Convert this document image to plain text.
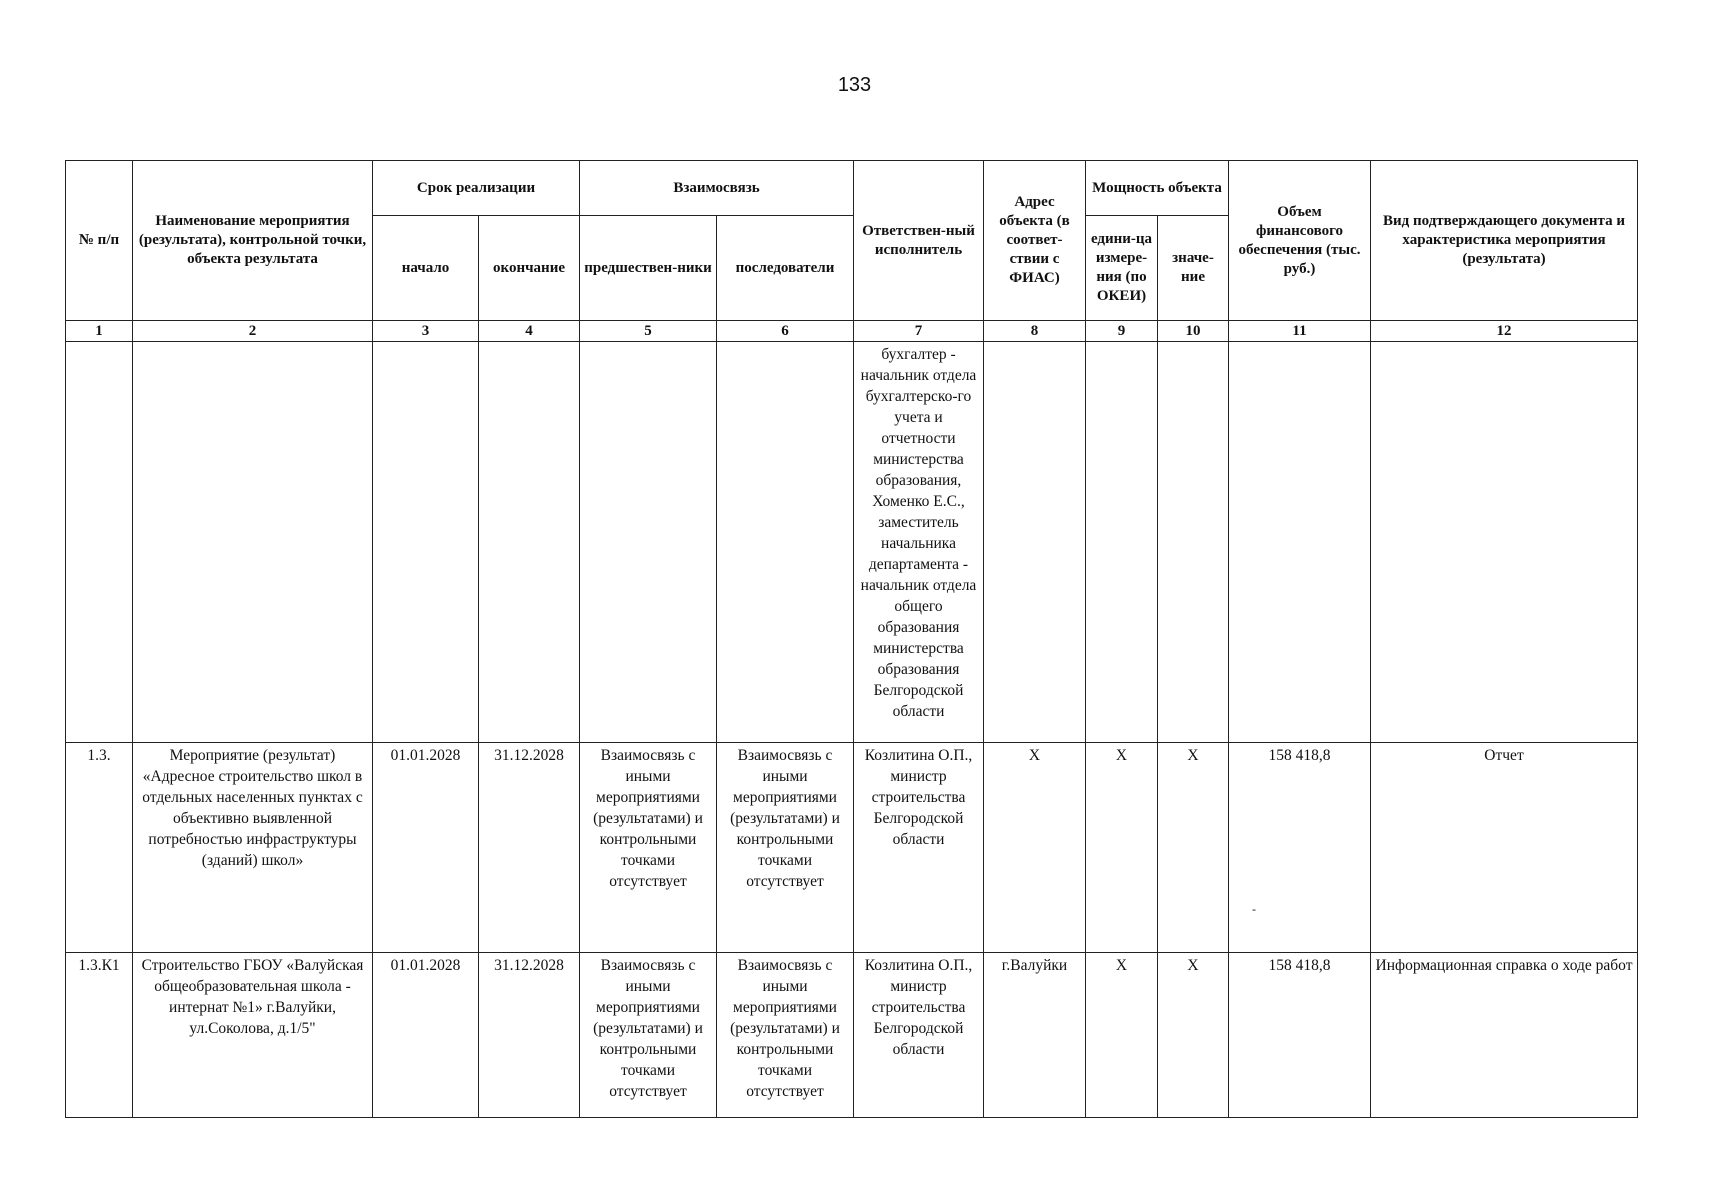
133
№ п/п	Наименование мероприятия (результата), контрольной точки, объекта результата	Срок реализации		Взаимосвязь		Ответствен-ный исполнитель	Адрес объекта (в соответ-ствии с ФИАС)	Мощность объекта		Объем финансового обеспечения (тыс. руб.)	Вид подтверждающего документа и характеристика мероприятия (результата)
		начало	окончание	предшествен-ники	последователи			едини-ца измере-ния (по ОКЕИ)	значе-ние		
1	2	3	4	5	6	7	8	9	10	11	12
						бухгалтер - начальник отдела бухгалтерско-го учета и отчетности министерства образования, Хоменко Е.С., заместитель начальника департамента - начальник отдела общего образования министерства образования Белгородской области					
1.3.	Мероприятие (результат) «Адресное строительство школ в отдельных населенных пунктах с объективно выявленной потребностью инфраструктуры (зданий) школ»	01.01.2028	31.12.2028	Взаимосвязь с иными мероприятиями (результатами) и контрольными точками отсутствует	Взаимосвязь с иными мероприятиями (результатами) и контрольными точками отсутствует	Козлитина О.П., министр строительства Белгородской области	Х	Х	Х	158 418,8	Отчет
1.3.К1	Строительство ГБОУ «Валуйская общеобразовательная школа - интернат №1» г.Валуйки, ул.Соколова, д.1/5"	01.01.2028	31.12.2028	Взаимосвязь с иными мероприятиями (результатами) и контрольными точками отсутствует	Взаимосвязь с иными мероприятиями (результатами) и контрольными точками отсутствует	Козлитина О.П., министр строительства Белгородской области	г.Валуйки	Х	Х	158 418,8	Информационная справка о ходе работ
-
